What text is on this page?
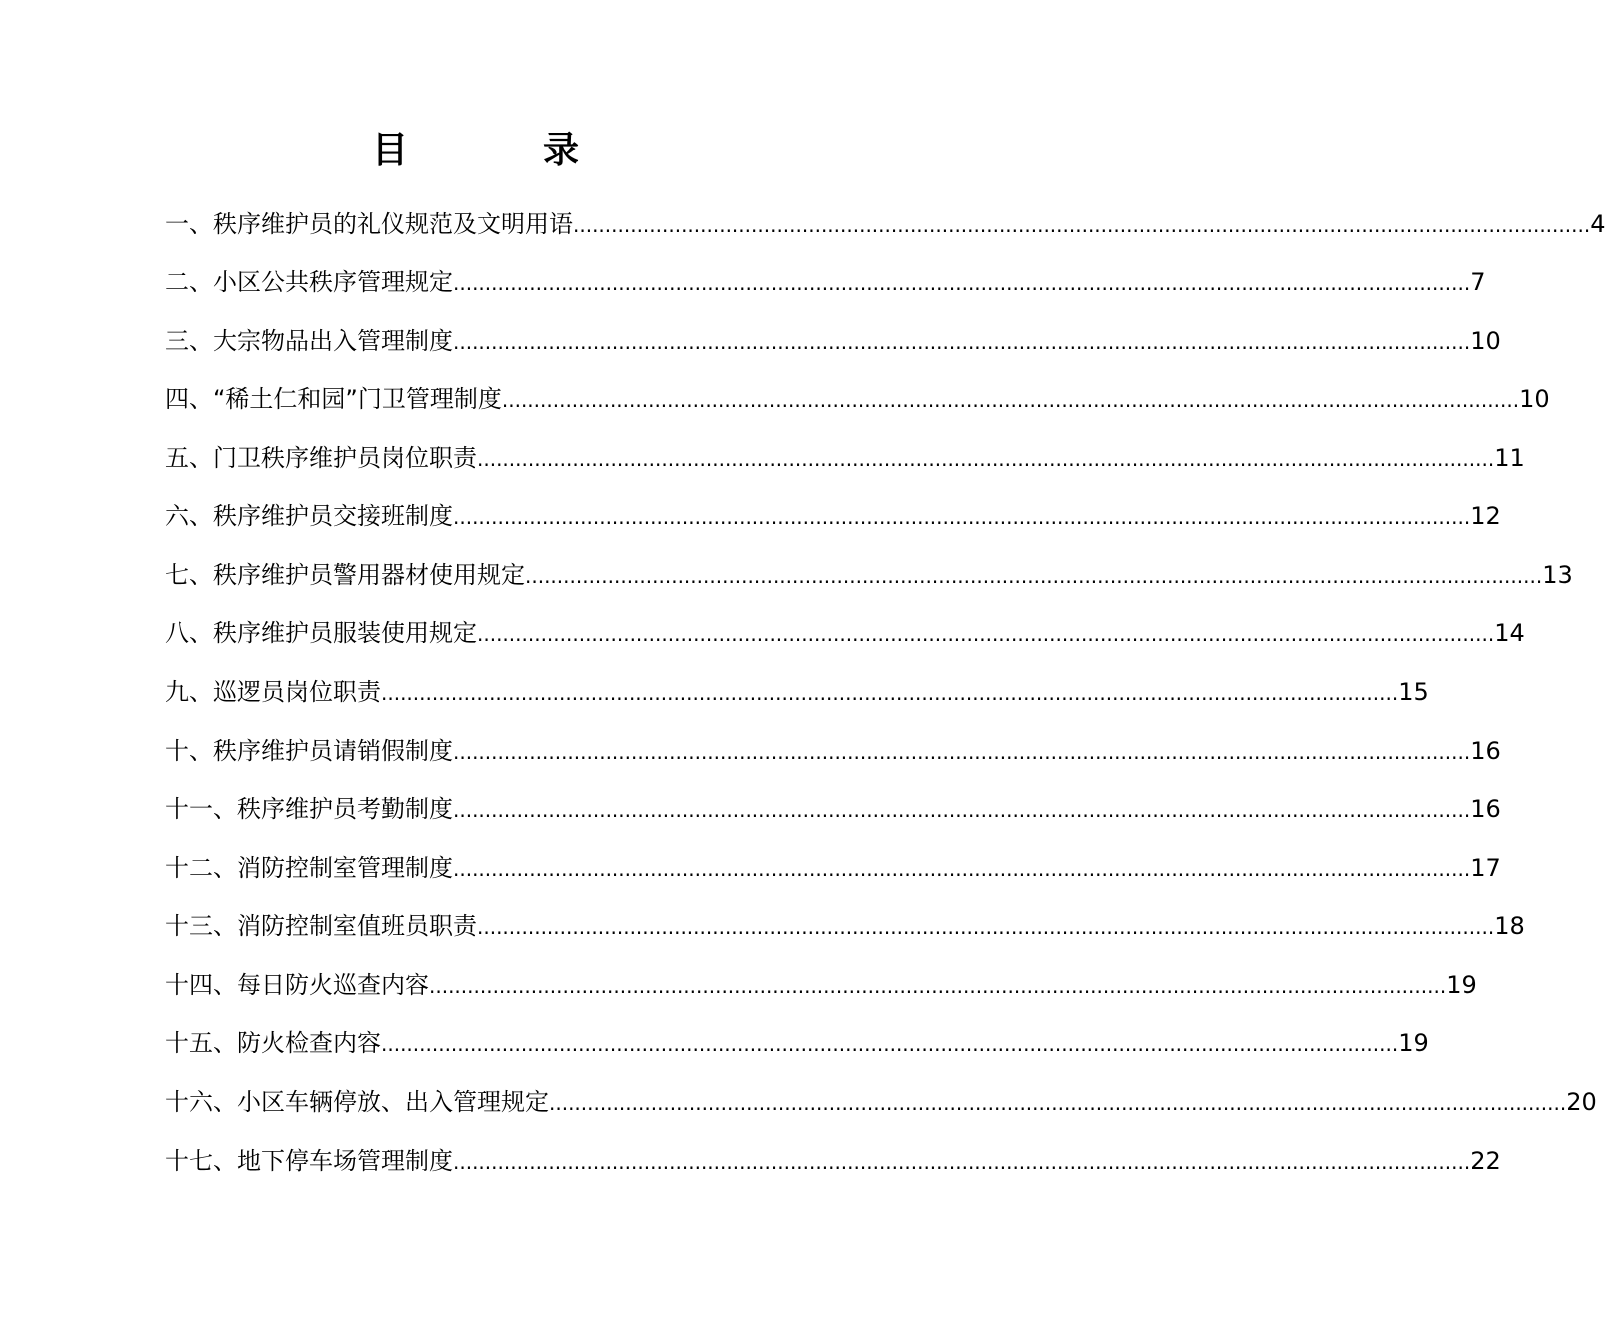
目	录
一、秩序维护员的礼仪规范及文明用语 ................................................................................................................................................................ 4
二、小区公共秩序管理规定 ................................................................................................................................................................ 7
三、大宗物品出入管理制度 ................................................................................................................................................................ 10
四、“稀土仁和园”门卫管理制度 ................................................................................................................................................................ 10
五、门卫秩序维护员岗位职责 ................................................................................................................................................................ 11
六、秩序维护员交接班制度 ................................................................................................................................................................ 12
七、秩序维护员警用器材使用规定 ................................................................................................................................................................ 13
八、秩序维护员服装使用规定 ................................................................................................................................................................ 14
九、巡逻员岗位职责 ................................................................................................................................................................ 15
十、秩序维护员请销假制度 ................................................................................................................................................................ 16
十一、秩序维护员考勤制度 ................................................................................................................................................................ 16
十二、消防控制室管理制度 ................................................................................................................................................................ 17
十三、消防控制室值班员职责 ................................................................................................................................................................ 18
十四、每日防火巡查内容 ................................................................................................................................................................ 19
十五、防火检查内容 ................................................................................................................................................................ 19
十六、小区车辆停放、出入管理规定 ................................................................................................................................................................ 20
十七、地下停车场管理制度 ................................................................................................................................................................ 22
